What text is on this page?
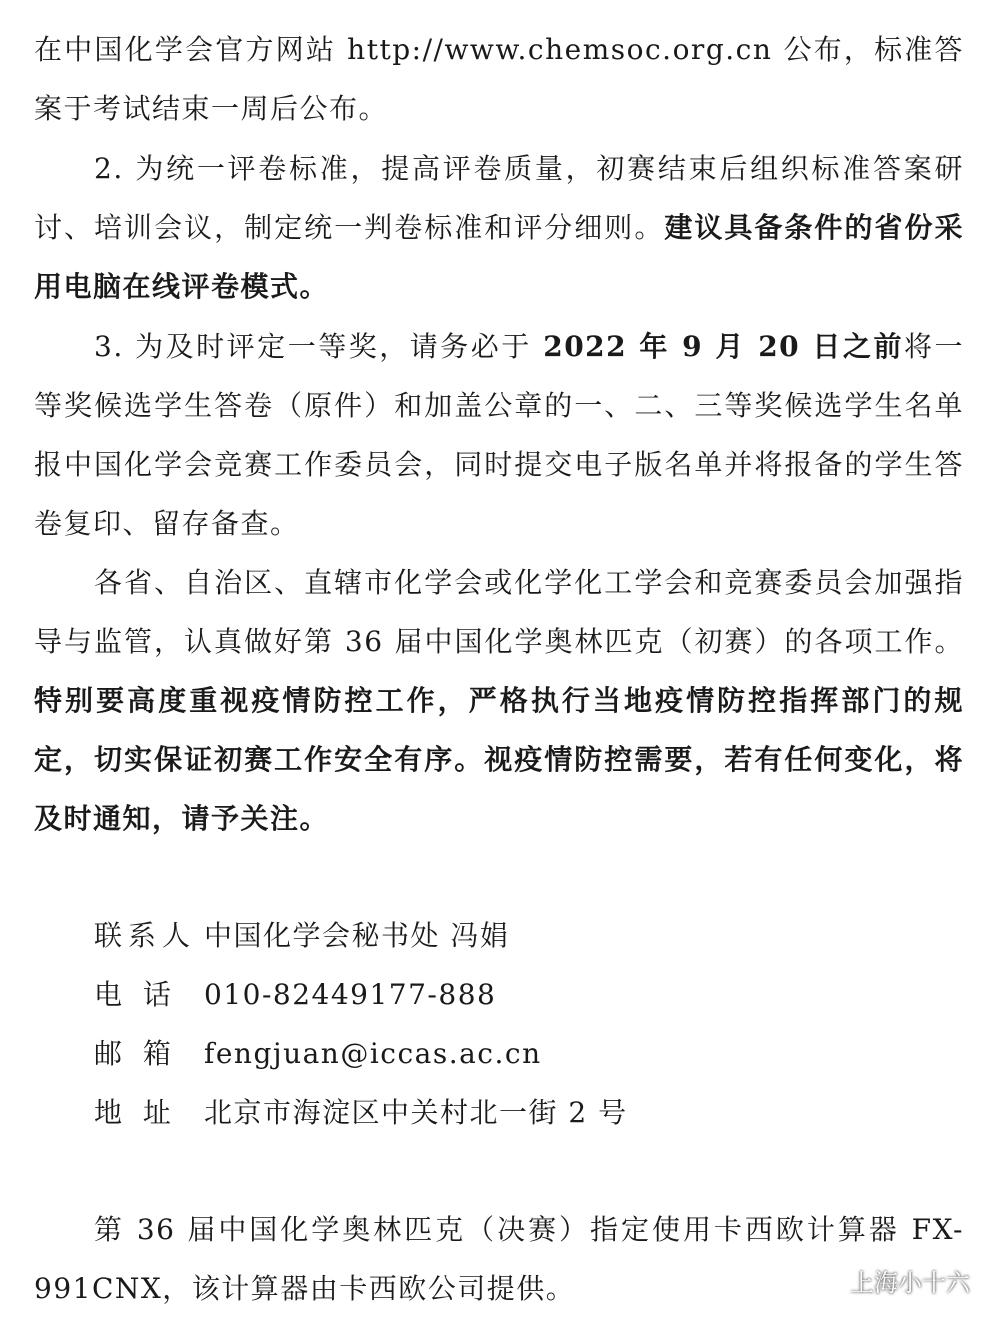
在中国化学会官方网站 http://www.chemsoc.org.cn 公布，标准答案于考试结束一周后公布。

2. 为统一评卷标准，提高评卷质量，初赛结束后组织标准答案研讨、培训会议，制定统一判卷标准和评分细则。建议具备条件的省份采用电脑在线评卷模式。

3. 为及时评定一等奖，请务必于 2022 年 9 月 20 日之前将一等奖候选学生答卷（原件）和加盖公章的一、二、三等奖候选学生名单报中国化学会竞赛工作委员会，同时提交电子版名单并将报备的学生答卷复印、留存备查。

各省、自治区、直辖市化学会或化学化工学会和竞赛委员会加强指导与监管，认真做好第 36 届中国化学奥林匹克（初赛）的各项工作。特别要高度重视疫情防控工作，严格执行当地疫情防控指挥部门的规定，切实保证初赛工作安全有序。视疫情防控需要，若有任何变化，将及时通知，请予关注。

联系人 中国化学会秘书处 冯娟
电 话 010-82449177-888
邮 箱 fengjuan@iccas.ac.cn
地 址 北京市海淀区中关村北一街 2 号

第 36 届中国化学奥林匹克（决赛）指定使用卡西欧计算器 FX-991CNX，该计算器由卡西欧公司提供。	上海小十六
